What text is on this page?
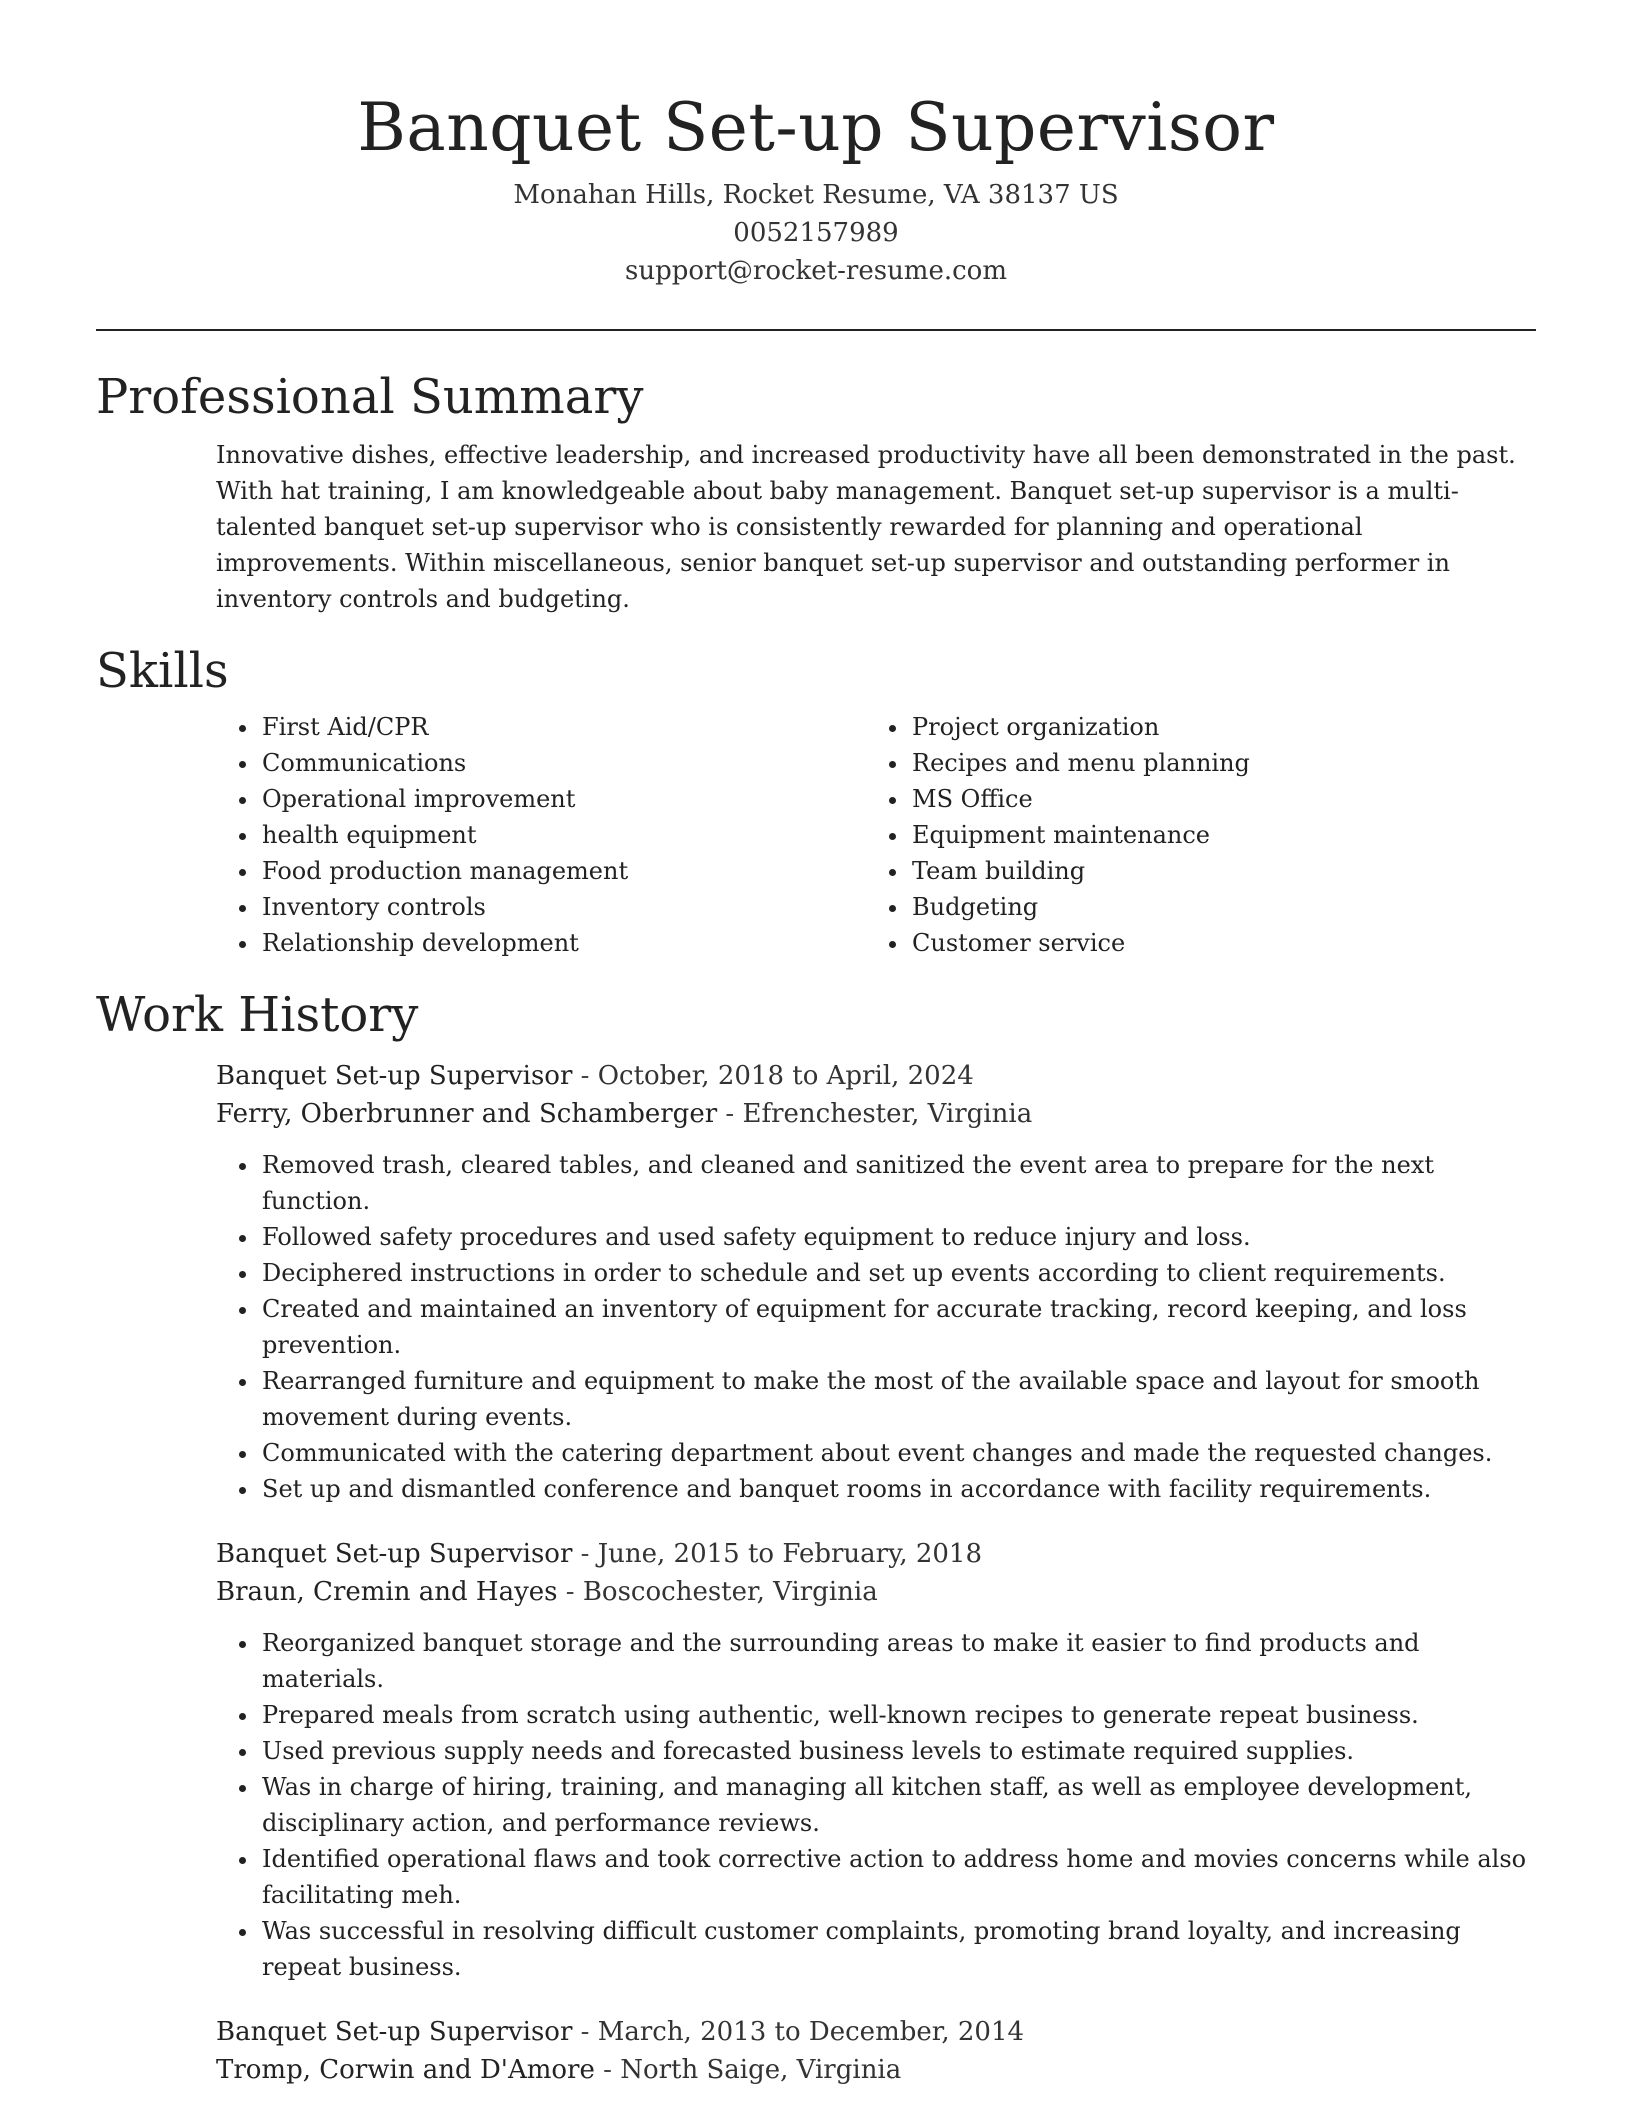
Banquet Set-up Supervisor
Monahan Hills, Rocket Resume, VA 38137 US
0052157989
support@rocket-resume.com
Professional Summary

Innovative dishes, effective leadership, and increased productivity have all been demonstrated in the past. With hat training, I am knowledgeable about baby management. Banquet set-up supervisor is a multi-talented banquet set-up supervisor who is consistently rewarded for planning and operational improvements. Within miscellaneous, senior banquet set-up supervisor and outstanding performer in inventory controls and budgeting.

Skills
• First Aid/CPR
• Communications
• Operational improvement
• health equipment
• Food production management
• Inventory controls
• Relationship development
• Project organization
• Recipes and menu planning
• MS Office
• Equipment maintenance
• Team building
• Budgeting
• Customer service
Work History
Banquet Set-up Supervisor - October, 2018 to April, 2024
Ferry, Oberbrunner and Schamberger - Efrenchester, Virginia
• Removed trash, cleared tables, and cleaned and sanitized the event area to prepare for the next function.
• Followed safety procedures and used safety equipment to reduce injury and loss.
• Deciphered instructions in order to schedule and set up events according to client requirements.
• Created and maintained an inventory of equipment for accurate tracking, record keeping, and loss prevention.
• Rearranged furniture and equipment to make the most of the available space and layout for smooth movement during events.
• Communicated with the catering department about event changes and made the requested changes.
• Set up and dismantled conference and banquet rooms in accordance with facility requirements.
Banquet Set-up Supervisor - June, 2015 to February, 2018
Braun, Cremin and Hayes - Boscochester, Virginia
• Reorganized banquet storage and the surrounding areas to make it easier to find products and materials.
• Prepared meals from scratch using authentic, well-known recipes to generate repeat business.
• Used previous supply needs and forecasted business levels to estimate required supplies.
• Was in charge of hiring, training, and managing all kitchen staff, as well as employee development, disciplinary action, and performance reviews.
• Identified operational flaws and took corrective action to address home and movies concerns while also facilitating meh.
• Was successful in resolving difficult customer complaints, promoting brand loyalty, and increasing repeat business.
Banquet Set-up Supervisor - March, 2013 to December, 2014
Tromp, Corwin and D'Amore - North Saige, Virginia
